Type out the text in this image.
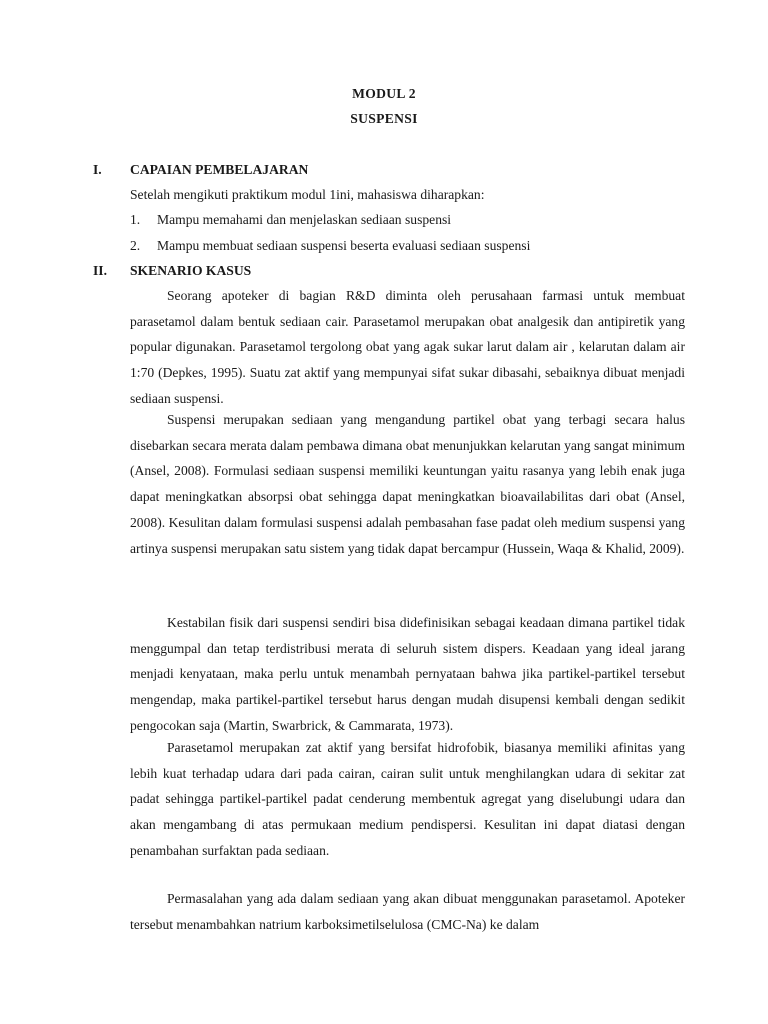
MODUL 2
SUSPENSI
I. CAPAIAN PEMBELAJARAN
Setelah mengikuti praktikum modul 1ini, mahasiswa diharapkan:
1. Mampu memahami dan menjelaskan sediaan suspensi
2. Mampu membuat sediaan suspensi beserta evaluasi sediaan suspensi
II. SKENARIO KASUS

Seorang apoteker di bagian R&D diminta oleh perusahaan farmasi untuk membuat parasetamol dalam bentuk sediaan cair. Parasetamol merupakan obat analgesik dan antipiretik yang popular digunakan. Parasetamol tergolong obat yang agak sukar larut dalam air , kelarutan dalam air 1:70 (Depkes, 1995). Suatu zat aktif yang mempunyai sifat sukar dibasahi, sebaiknya dibuat menjadi sediaan suspensi.

Suspensi merupakan sediaan yang mengandung partikel obat yang terbagi secara halus disebarkan secara merata dalam pembawa dimana obat menunjukkan kelarutan yang sangat minimum (Ansel, 2008). Formulasi sediaan suspensi memiliki keuntungan yaitu rasanya yang lebih enak juga dapat meningkatkan absorpsi obat sehingga dapat meningkatkan bioavailabilitas dari obat (Ansel, 2008). Kesulitan dalam formulasi suspensi adalah pembasahan fase padat oleh medium suspensi yang artinya suspensi merupakan satu sistem yang tidak dapat bercampur (Hussein, Waqa & Khalid, 2009).

Kestabilan fisik dari suspensi sendiri bisa didefinisikan sebagai keadaan dimana partikel tidak menggumpal dan tetap terdistribusi merata di seluruh sistem dispers. Keadaan yang ideal jarang menjadi kenyataan, maka perlu untuk menambah pernyataan bahwa jika partikel-partikel tersebut mengendap, maka partikel-partikel tersebut harus dengan mudah disupensi kembali dengan sedikit pengocokan saja (Martin, Swarbrick, & Cammarata, 1973).

Parasetamol merupakan zat aktif yang bersifat hidrofobik, biasanya memiliki afinitas yang lebih kuat terhadap udara dari pada cairan, cairan sulit untuk menghilangkan udara di sekitar zat padat sehingga partikel-partikel padat cenderung membentuk agregat yang diselubungi udara dan akan mengambang di atas permukaan medium pendispersi. Kesulitan ini dapat diatasi dengan penambahan surfaktan pada sediaan.

Permasalahan yang ada dalam sediaan yang akan dibuat menggunakan parasetamol. Apoteker tersebut menambahkan natrium karboksimetilselulosa (CMC-Na) ke dalam
